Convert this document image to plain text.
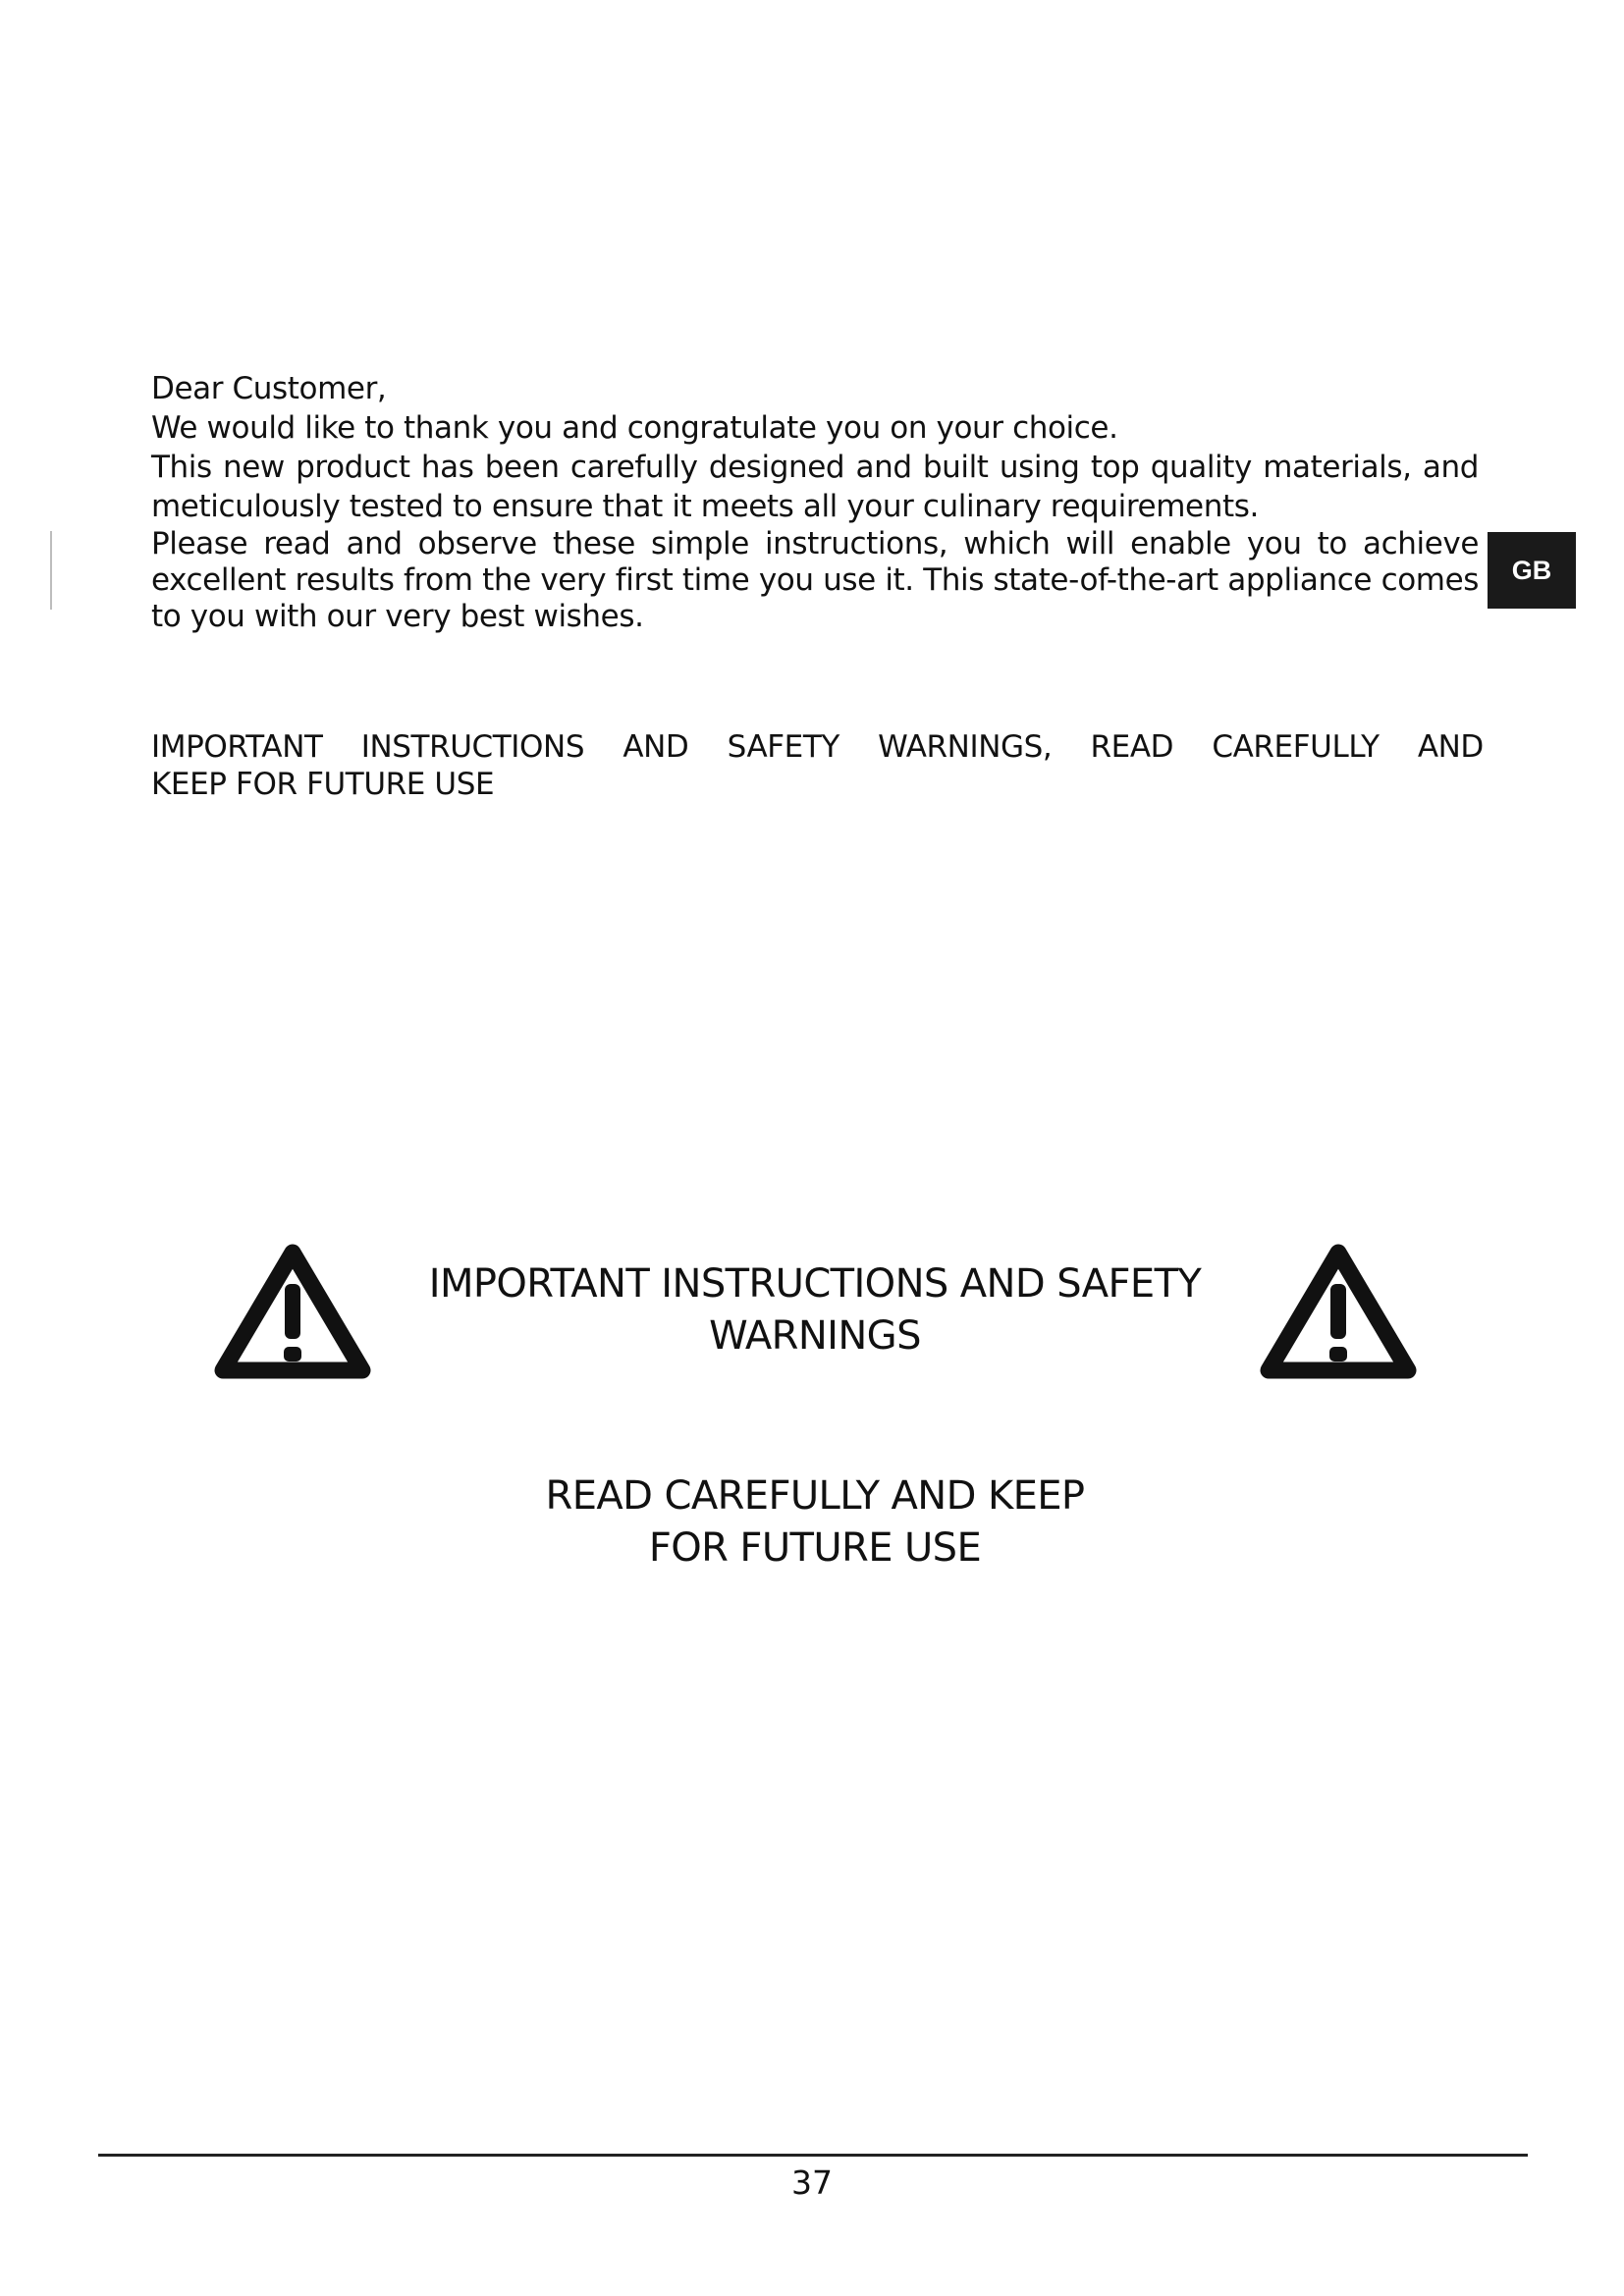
Dear Customer,

We would like to thank you and congratulate you on your choice.

This new product has been carefully designed and built using top quality materials, and meticulously tested to ensure that it meets all your culinary requirements.

Please read and observe these simple instructions, which will enable you to achieve excellent results from the very first time you use it. This state-of-the-art appliance comes to you with our very best wishes.

GB
IMPORTANT INSTRUCTIONS AND SAFETY WARNINGS, READ CAREFULLY AND
KEEP FOR FUTURE USE
IMPORTANT INSTRUCTIONS AND SAFETY
WARNINGS
READ CAREFULLY AND KEEP
FOR FUTURE USE
37
